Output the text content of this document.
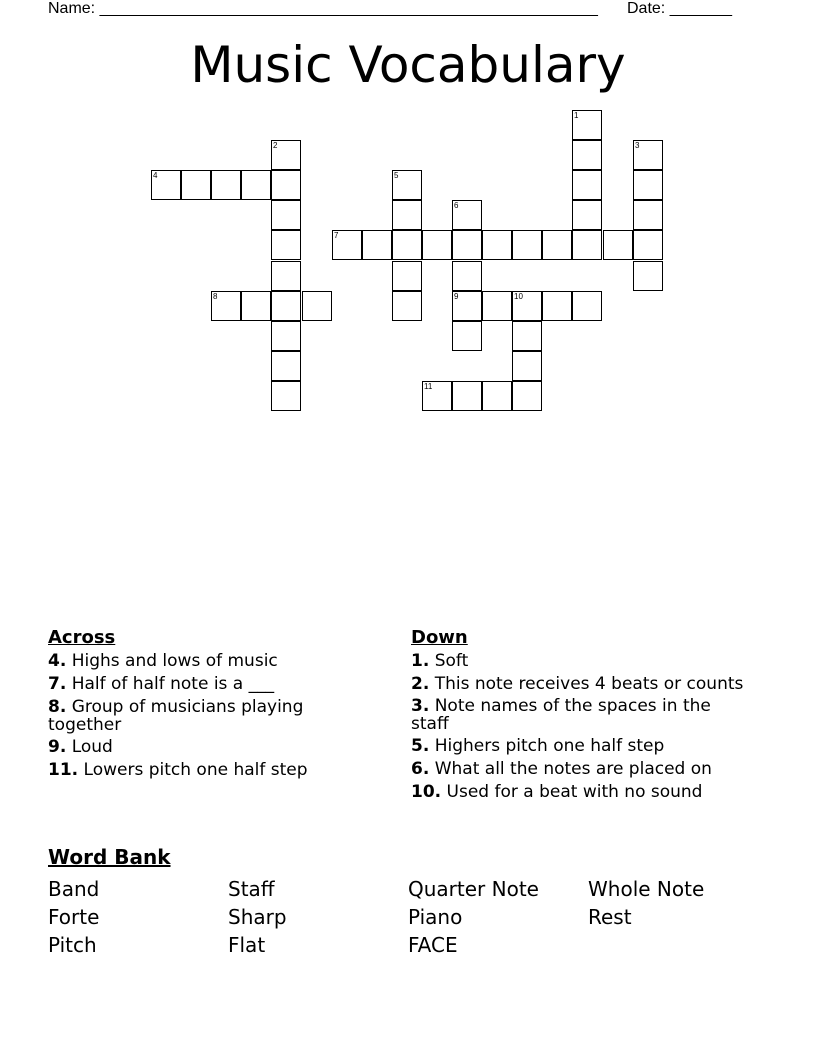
Name: ________________________________________________________ Date: _______
Music Vocabulary
1
2	3
4	5
6
9
7
8	10
11
Across
4. Highs and lows of music
7. Half of half note is a ___
8. Group of musicians playing together
9. Loud
11. Lowers pitch one half step
Down
1. Soft
2. This note receives 4 beats or counts
3. Note names of the spaces in the staff
5. Highers pitch one half step
6. What all the notes are placed on
10. Used for a beat with no sound
Word Bank
Band	Staff	Quarter Note	Whole Note
Forte	Sharp	Piano	Rest
Pitch	Flat	FACE
